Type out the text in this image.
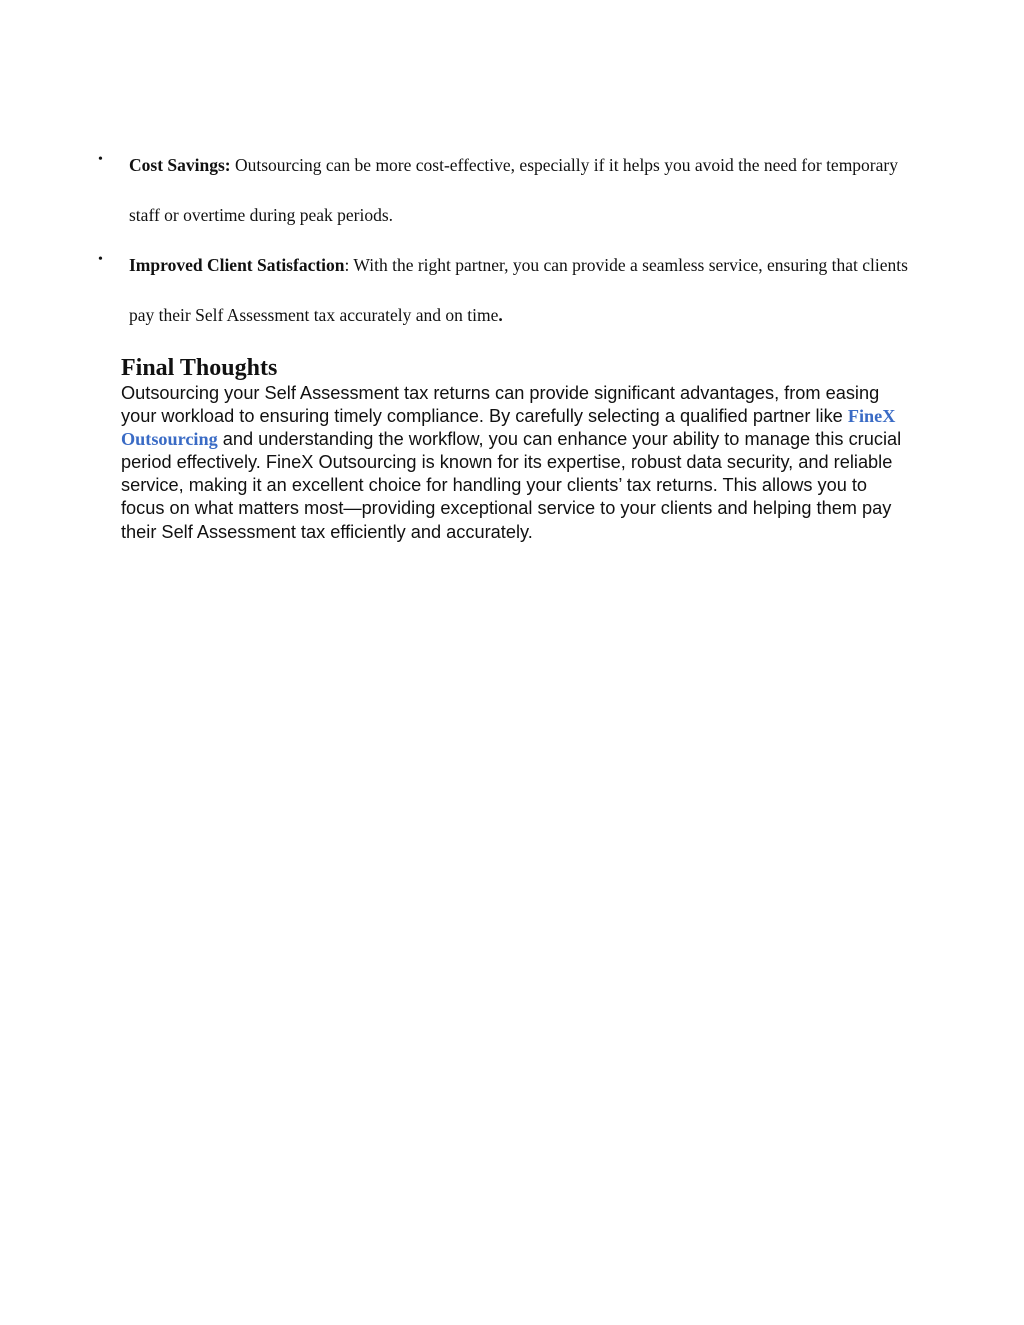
• Cost Savings: Outsourcing can be more cost-effective, especially if it helps you avoid the need for temporary staff or overtime during peak periods.
• Improved Client Satisfaction: With the right partner, you can provide a seamless service, ensuring that clients pay their Self Assessment tax accurately and on time.
Final Thoughts

Outsourcing your Self Assessment tax returns can provide significant advantages, from easing your workload to ensuring timely compliance. By carefully selecting a qualified partner like FineX Outsourcing and understanding the workflow, you can enhance your ability to manage this crucial period effectively. FineX Outsourcing is known for its expertise, robust data security, and reliable service, making it an excellent choice for handling your clients’ tax returns. This allows you to focus on what matters most—providing exceptional service to your clients and helping them pay their Self Assessment tax efficiently and accurately.
